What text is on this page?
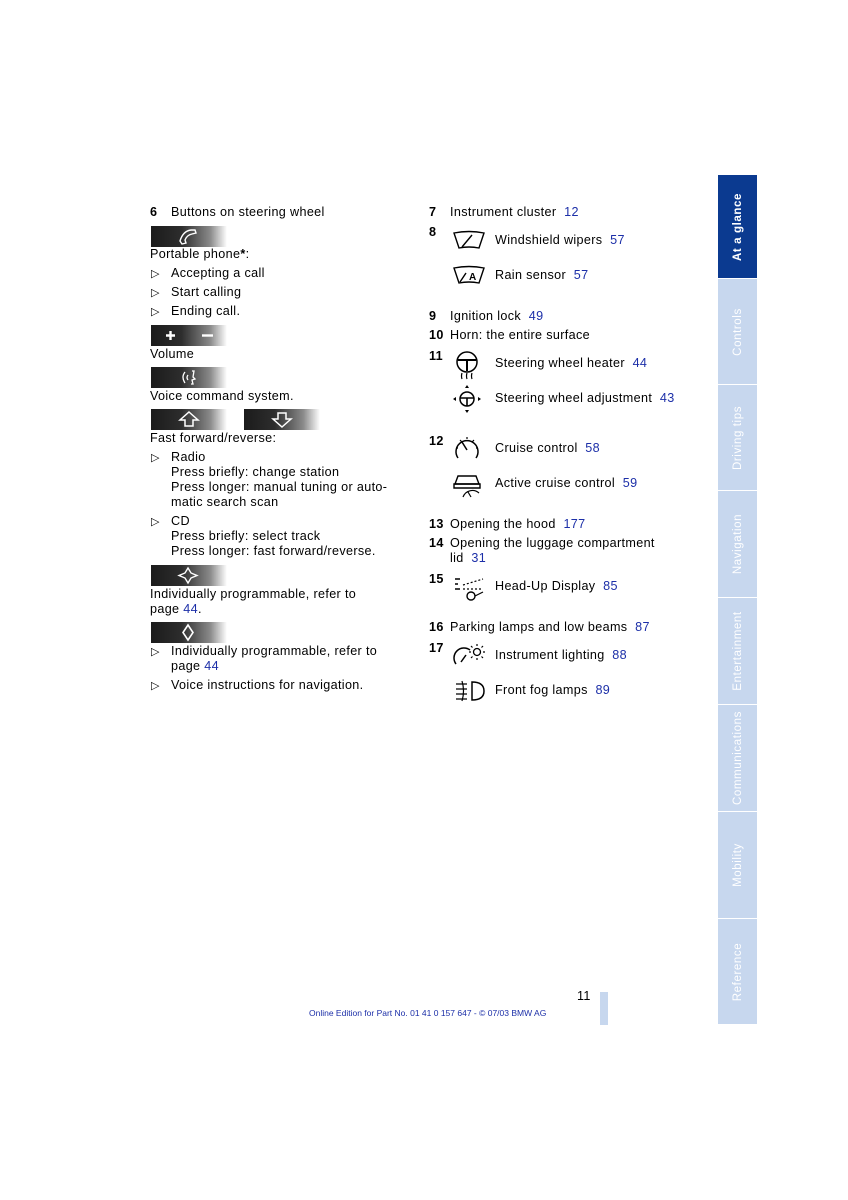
6 Buttons on steering wheel
Portable phone*:
▷ Accepting a call
▷ Start calling
▷ Ending call.
Volume
Voice command system.
Fast forward/reverse:
▷ Radio
Press briefly: change station
Press longer: manual tuning or auto-
matic search scan
▷ CD
Press briefly: select track
Press longer: fast forward/reverse.
Individually programmable, refer to
page 44.
▷ Individually programmable, refer to
page 44
▷ Voice instructions for navigation.
7 Instrument cluster 12
8
Windshield wipers 57
A Rain sensor 57
9 Ignition lock 49
10 Horn: the entire surface
11	Steering wheel heater 44
Steering wheel adjustment 43
12	Cruise control 58
Active cruise control 59
13 Opening the hood 177
14 Opening the luggage compartment
lid 31
15	Head-Up Display 85
16 Parking lamps and low beams 87
17	Instrument lighting 88
Front fog lamps 89
At a glance
Controls
Driving tips
Navigation
Entertainment
Communications
Mobility
Reference
11
Online Edition for Part No. 01 41 0 157 647 - © 07/03 BMW AG
